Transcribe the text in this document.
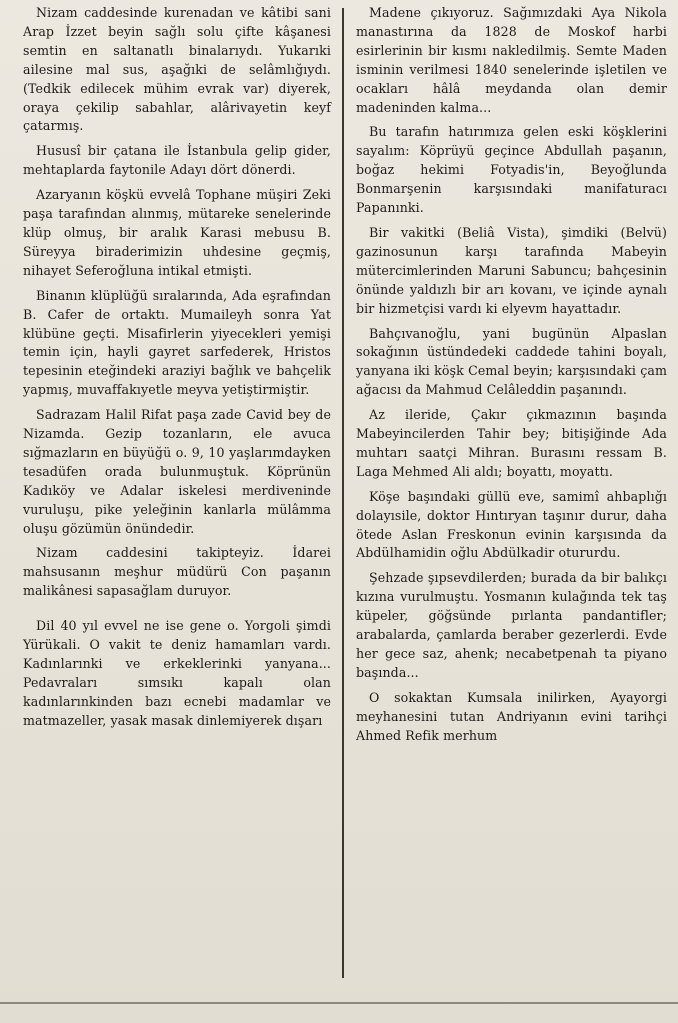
Nizam caddesinde kurenadan ve kâtibi sani Arap İzzet beyin sağlı solu çifte kâşanesi semtin en saltanatlı binalarıydı. Yukarıki ailesine mal sus, aşağıki de selâmlığıydı. (Tedkik edilecek mühim evrak var) diyerek, oraya çekilip sabahlar, alârivayetin keyf çatarmış.

Hususî bir çatana ile İstanbula gelip gider, mehtaplarda faytonile Adayı dört dönerdi.

Azaryanın köşkü evvelâ Tophane müşiri Zeki paşa tarafından alınmış, mütareke senelerinde klüp olmuş, bir aralık Karasi mebusu B. Süreyya biraderimizin uhdesine geçmiş, nihayet Seferoğluna intikal etmişti.

Binanın klüplüğü sıralarında, Ada eşrafından B. Cafer de ortaktı. Mumaileyh sonra Yat klübüne geçti. Misafirlerin yiyecekleri yemişi temin için, hayli gayret sarfederek, Hristos tepesinin eteğindeki araziyi bağlık ve bahçelik yapmış, muvaffakıyetle meyva yetiştirmiştir.

Sadrazam Halil Rifat paşa zade Cavid bey de Nizamda. Gezip tozanların, ele avuca sığmazların en büyüğü o. 9, 10 yaşlarımdayken tesadüfen orada bulunmuştuk. Köprünün Kadıköy ve Adalar iskelesi merdiveninde vuruluşu, pike yeleğinin kanlarla mülâmma oluşu gözümün önündedir.

Nizam caddesini takipteyiz. İdarei mahsusanın meşhur müdürü Con paşanın malikânesi sapasağlam duruyor.

Dil 40 yıl evvel ne ise gene o. Yorgoli şimdi Yürükali. O vakit te deniz hamamları vardı. Kadınlarınki ve erkeklerinki yanyana... Pedavraları sımsıkı kapalı olan kadınlarınkinden bazı ecnebi madamlar ve matmazeller, yasak masak dinlemiyerek dışarı

Madene çıkıyoruz. Sağımızdaki Aya Nikola manastırına da 1828 de Moskof harbi esirlerinin bir kısmı nakledilmiş. Semte Maden isminin verilmesi 1840 senelerinde işletilen ve ocakları hâlâ meydanda olan demir madeninden kalma...

Bu tarafın hatırımıza gelen eski köşklerini sayalım: Köprüyü geçince Abdullah paşanın, boğaz hekimi Fotyadis'in, Beyoğlunda Bonmarşenin karşısındaki manifaturacı Papanınki.

Bir vakitki (Beliâ Vista), şimdiki (Belvü) gazinosunun karşı tarafında Mabeyin mütercimlerinden Maruni Sabuncu; bahçesinin önünde yaldızlı bir arı kovanı, ve içinde aynalı bir hizmetçisi vardı ki elyevm hayattadır.

Bahçıvanoğlu, yani bugünün Alpaslan sokağının üstündedeki caddede tahini boyalı, yanyana iki köşk Cemal beyin; karşısındaki çam ağacısı da Mahmud Celâleddin paşanındı.

Az ileride, Çakır çıkmazının başında Mabeyincilerden Tahir bey; bitişiğinde Ada muhtarı saatçi Mihran. Burasını ressam B. Laga Mehmed Ali aldı; boyattı, moyattı.

Köşe başındaki güllü eve, samimî ahbaplığı dolayısile, doktor Hıntıryan taşınır durur, daha ötede Aslan Freskonun evinin karşısında da Abdülhamidin oğlu Abdülkadir otururdu.

Şehzade şıpsevdilerden; burada da bir balıkçı kızına vurulmuştu. Yosmanın kulağında tek taş küpeler, göğsünde pırlanta pandantifler; arabalarda, çamlarda beraber gezerlerdi. Evde her gece saz, ahenk; necabetpenah ta piyano başında...

O sokaktan Kumsala inilirken, Ayayorgi meyhanesini tutan Andriyanın evini tarihçi Ahmed Refik merhum
